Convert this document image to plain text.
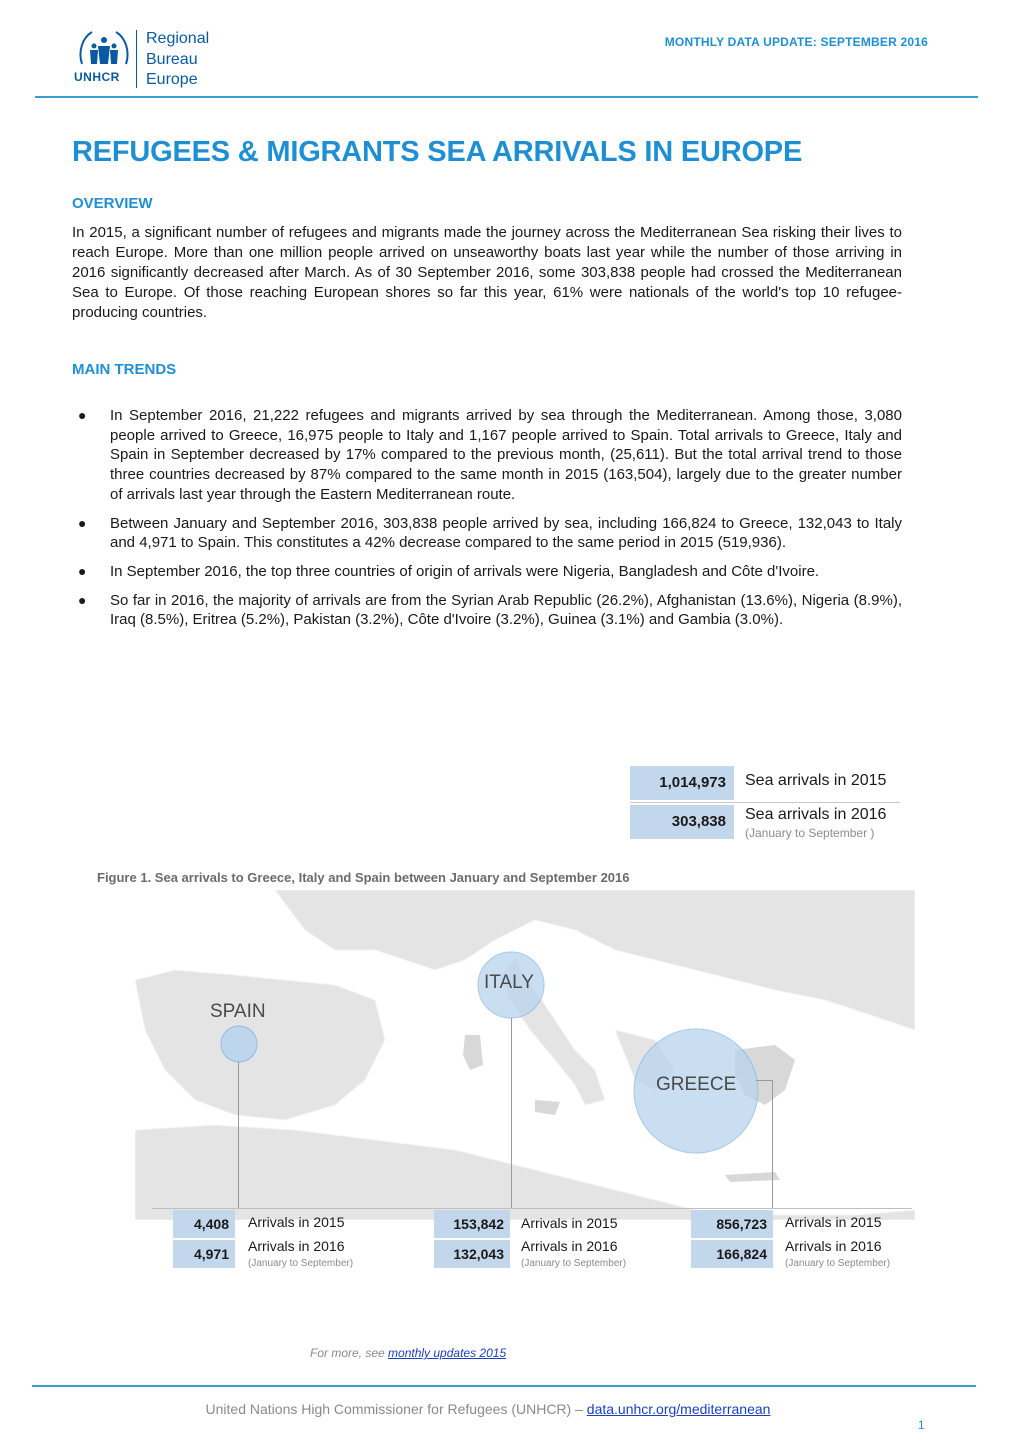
UNHCR
Regional
Bureau
Europe
MONTHLY DATA UPDATE: SEPTEMBER 2016
REFUGEES & MIGRANTS SEA ARRIVALS IN EUROPE
OVERVIEW
In 2015, a significant number of refugees and migrants made the journey across the Mediterranean Sea risking their lives to reach Europe. More than one million people arrived on unseaworthy boats last year while the number of those arriving in 2016 significantly decreased after March. As of 30 September 2016, some 303,838 people had crossed the Mediterranean Sea to Europe. Of those reaching European shores so far this year, 61% were nationals of the world's top 10 refugee-producing countries.
MAIN TRENDS
● In September 2016, 21,222 refugees and migrants arrived by sea through the Mediterranean. Among those, 3,080 people arrived to Greece, 16,975 people to Italy and 1,167 people arrived to Spain. Total arrivals to Greece, Italy and Spain in September decreased by 17% compared to the previous month, (25,611). But the total arrival trend to those three countries decreased by 87% compared to the same month in 2015 (163,504), largely due to the greater number of arrivals last year through the Eastern Mediterranean route.
● Between January and September 2016, 303,838 people arrived by sea, including 166,824 to Greece, 132,043 to Italy and 4,971 to Spain. This constitutes a 42% decrease compared to the same period in 2015 (519,936).
● In September 2016, the top three countries of origin of arrivals were Nigeria, Bangladesh and Côte d'Ivoire.
● So far in 2016, the majority of arrivals are from the Syrian Arab Republic (26.2%), Afghanistan (13.6%), Nigeria (8.9%), Iraq (8.5%), Eritrea (5.2%), Pakistan (3.2%), Côte d'Ivoire (3.2%), Guinea (3.1%) and Gambia (3.0%).
1,014,973	Sea arrivals in 2015
303,838	Sea arrivals in 2016
(January to September )
Figure 1. Sea arrivals to Greece, Italy and Spain between January and September 2016
SPAIN
ITALY
GREECE
4,408	Arrivals in 2015
4,971	Arrivals in 2016
(January to September)
153,842	Arrivals in 2015
132,043	Arrivals in 2016
(January to September)
856,723	Arrivals in 2015
166,824	Arrivals in 2016
(January to September)
For more, see monthly updates 2015
United Nations High Commissioner for Refugees (UNHCR) – data.unhcr.org/mediterranean
1
